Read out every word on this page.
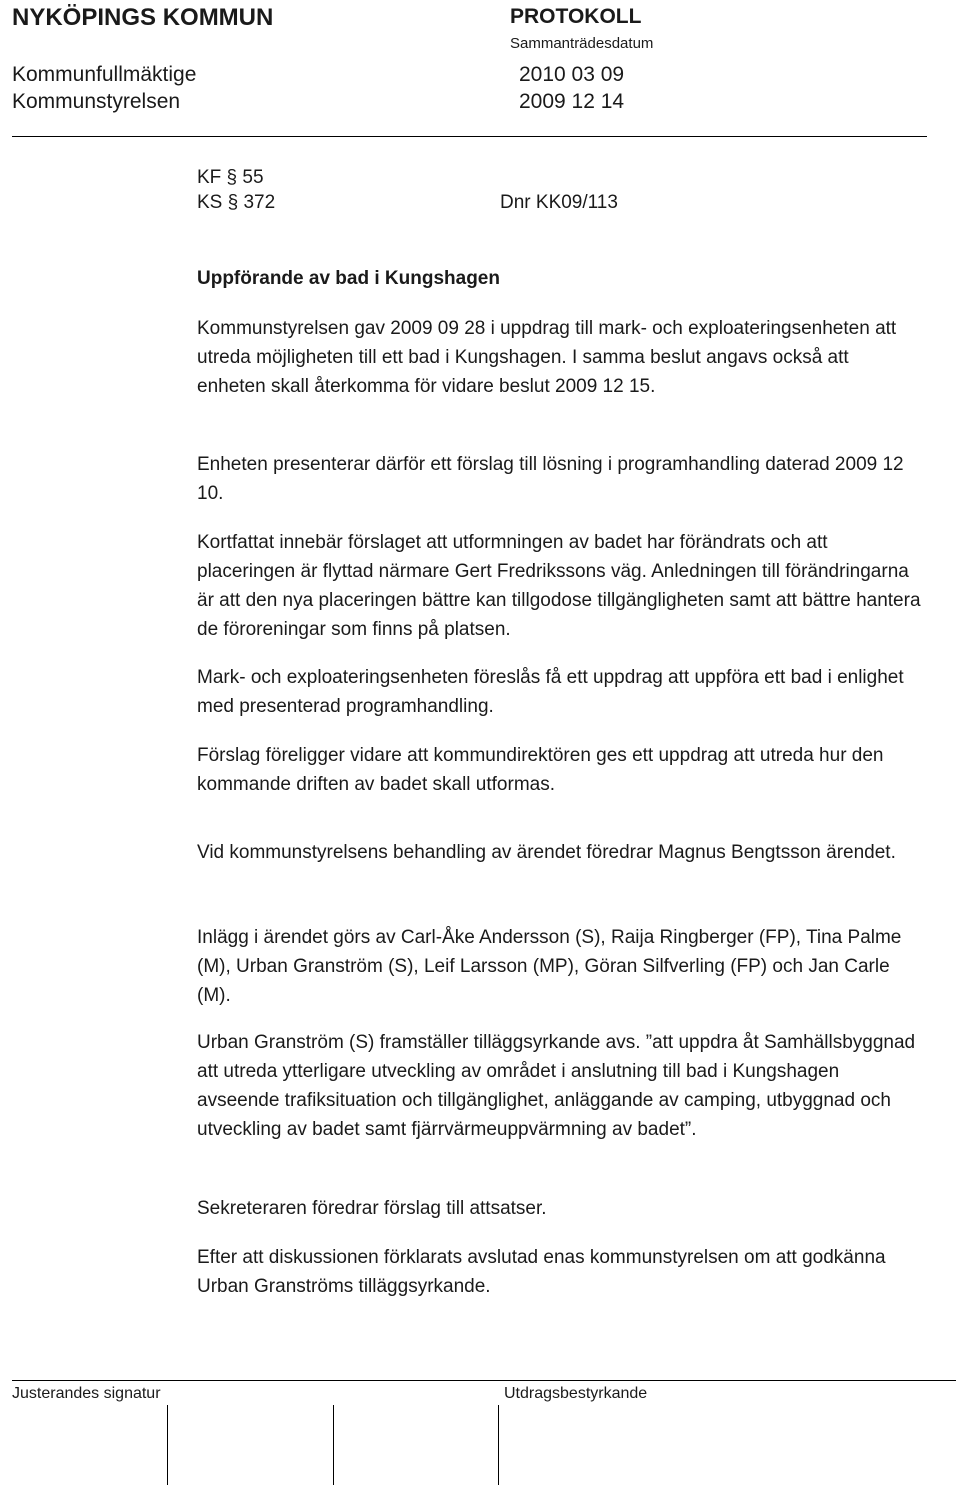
NYKÖPINGS KOMMUN	PROTOKOLL
Sammanträdesdatum
Kommunfullmäktige	2010 03 09
Kommunstyrelsen	2009 12 14
KF § 55
KS § 372	Dnr KK09/113
Uppförande av bad i Kungshagen
Kommunstyrelsen gav 2009 09 28 i uppdrag till mark- och exploateringsenheten att utreda möjligheten till ett bad i Kungshagen. I samma beslut angavs också att enheten skall återkomma för vidare beslut 2009 12 15.
Enheten presenterar därför ett förslag till lösning i programhandling daterad 2009 12 10.
Kortfattat innebär förslaget att utformningen av badet har förändrats och att placeringen är flyttad närmare Gert Fredrikssons väg. Anledningen till förändringarna är att den nya placeringen bättre kan tillgodose tillgängligheten samt att bättre hantera de föroreningar som finns på platsen.
Mark- och exploateringsenheten föreslås få ett uppdrag att uppföra ett bad i enlighet med presenterad programhandling.
Förslag föreligger vidare att kommundirektören ges ett uppdrag att utreda hur den kommande driften av badet skall utformas.
Vid kommunstyrelsens behandling av ärendet föredrar Magnus Bengtsson ärendet.
Inlägg i ärendet görs av Carl-Åke Andersson (S), Raija Ringberger (FP), Tina Palme (M), Urban Granström (S), Leif Larsson (MP), Göran Silfverling (FP) och Jan Carle (M).
Urban Granström (S) framställer tilläggsyrkande avs. ”att uppdra åt Samhällsbyggnad att utreda ytterligare utveckling av området i anslutning till bad i Kungshagen avseende trafiksituation och tillgänglighet, anläggande av camping, utbyggnad och utveckling av badet samt fjärrvärmeuppvärmning av badet”.
Sekreteraren föredrar förslag till attsatser.
Efter att diskussionen förklarats avslutad enas kommunstyrelsen om att godkänna Urban Granströms tilläggsyrkande.
Justerandes signatur	Utdragsbestyrkande
